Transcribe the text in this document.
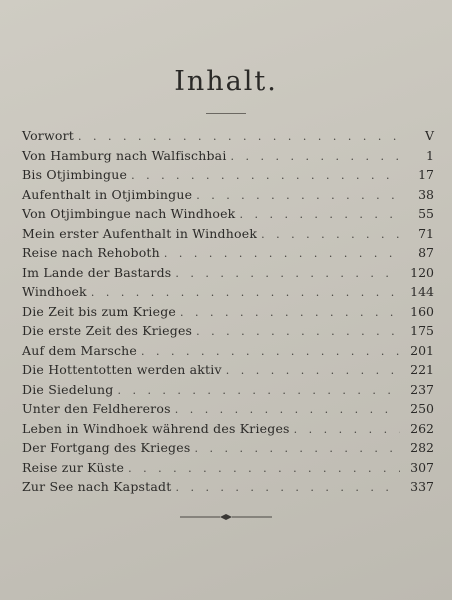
Inhalt.
Vorwort . . .	V
Von Hamburg nach Walfischbai . . .	1
Bis Otjimbingue . . .	17
Aufenthalt in Otjimbingue . . .	38
Von Otjimbingue nach Windhoek . . .	55
Mein erster Aufenthalt in Windhoek . . .	71
Reise nach Rehoboth . . .	87
Im Lande der Bastards . . .	120
Windhoek . . .	144
Die Zeit bis zum Kriege . . .	160
Die erste Zeit des Krieges . . .	175
Auf dem Marsche . . .	201
Die Hottentotten werden aktiv . . .	221
Die Siedelung . . .	237
Unter den Feldhereros . . .	250
Leben in Windhoek während des Krieges . . .	262
Der Fortgang des Krieges . . .	282
Reise zur Küste . . .	307
Zur See nach Kapstadt . . .	337
